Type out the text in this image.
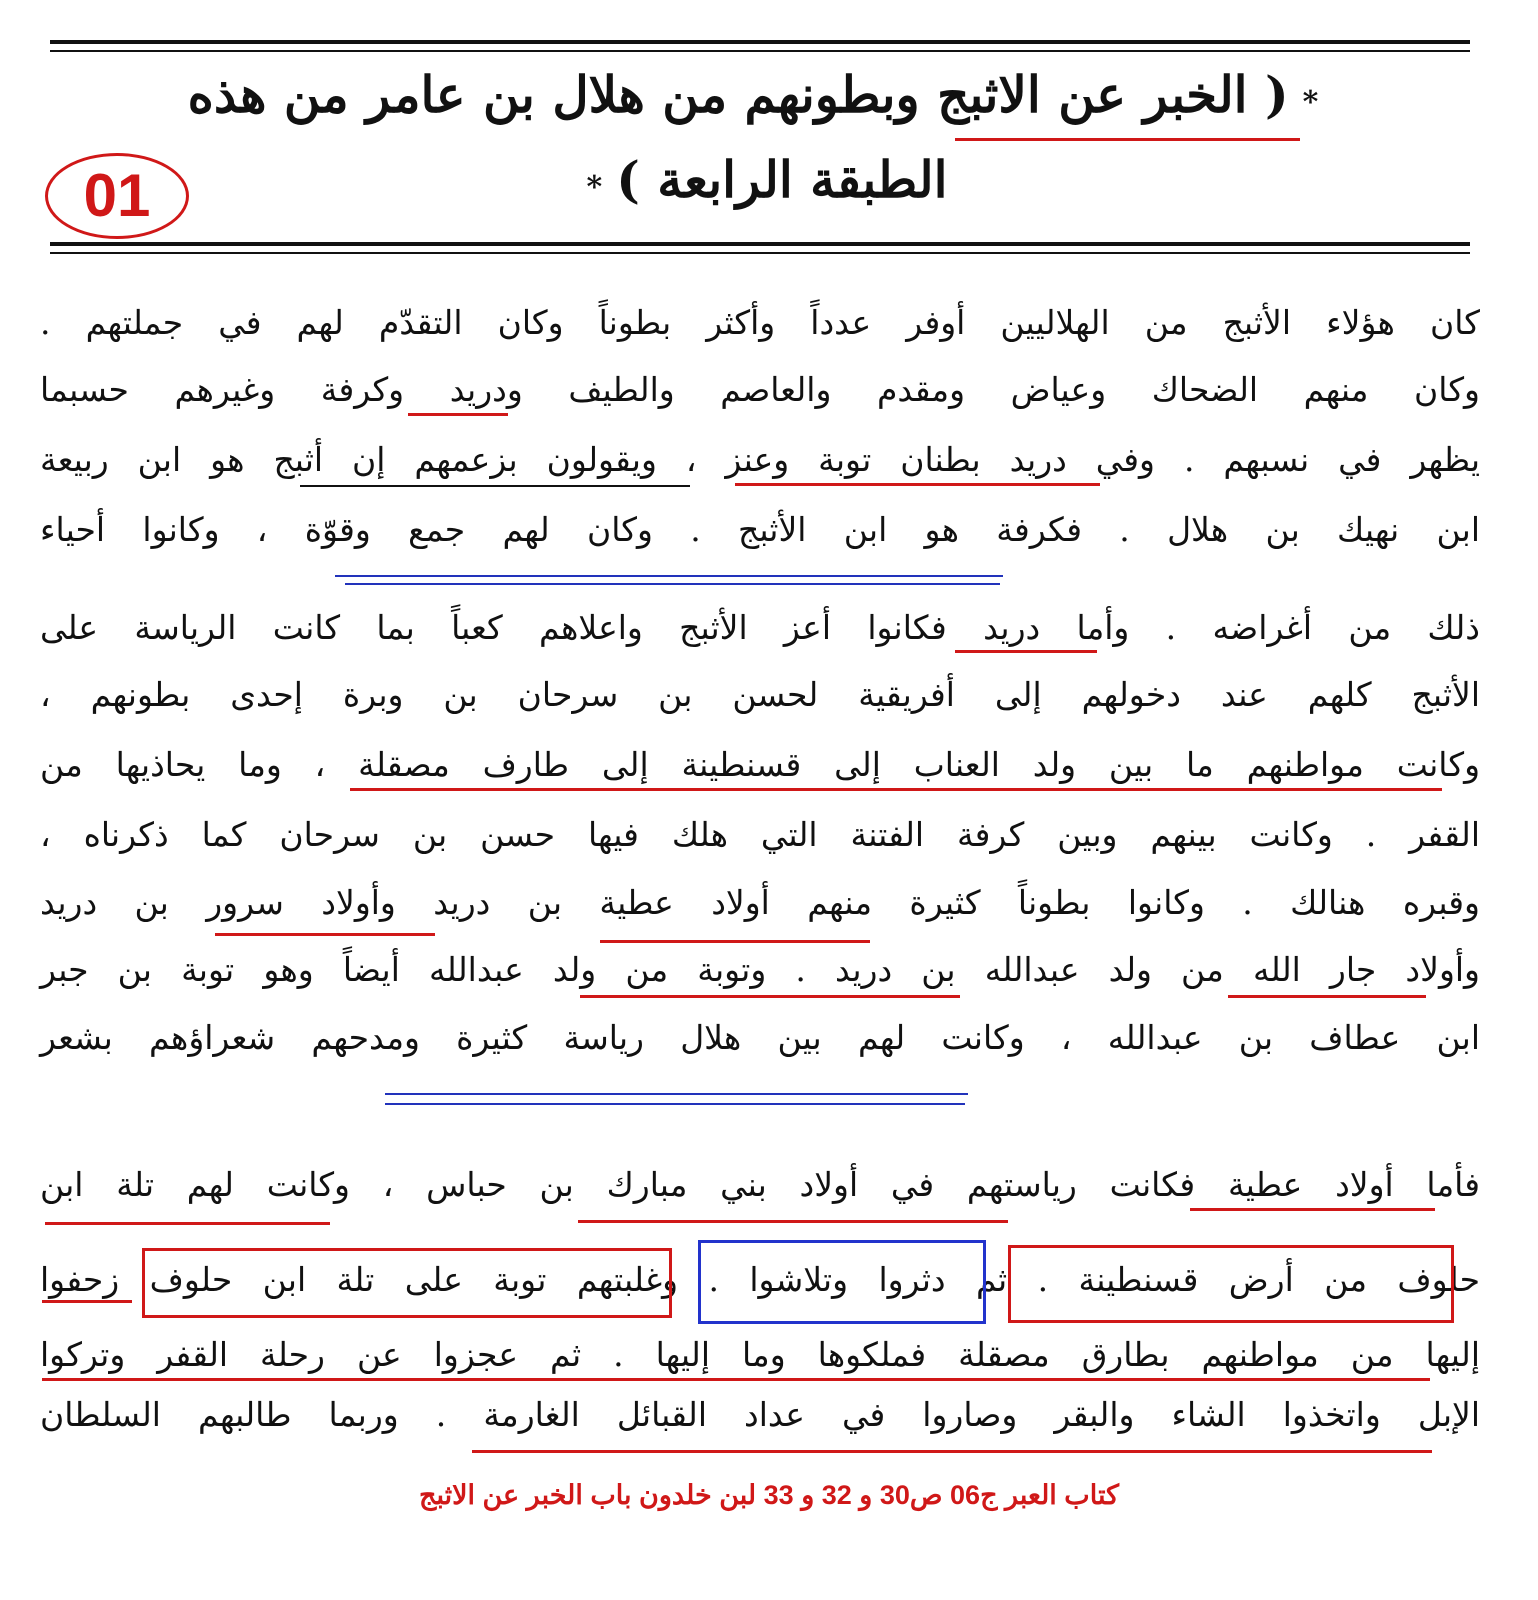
*( الخبر عن الاثبج وبطونهم من هلال بن عامر من هذه
الطبقة الرابعة )*
01
كان هؤلاء الأثبج من الهلاليين أوفر عدداً وأكثر بطوناً وكان التقدّم لهم في جملتهم .
وكان منهم الضحاك وعياض ومقدم والعاصم والطيف ودريد وكرفة وغيرهم حسبما
يظهر في نسبهم . وفي دريد بطنان توبة وعنز ، ويقولون بزعمهم إن أثبج هو ابن ربيعة
ابن نهيك بن هلال . فكرفة هو ابن الأثبج . وكان لهم جمع وقوّة ، وكانوا أحياء
ذلك من أغراضه . وأما دريد فكانوا أعز الأثبج واعلاهم كعباً بما كانت الرياسة على
الأثبج كلهم عند دخولهم إلى أفريقية لحسن بن سرحان بن وبرة إحدى بطونهم ،
وكانت مواطنهم ما بين ولد العناب إلى قسنطينة إلى طارف مصقلة ، وما يحاذيها من
القفر . وكانت بينهم وبين كرفة الفتنة التي هلك فيها حسن بن سرحان كما ذكرناه ،
وقبره هنالك . وكانوا بطوناً كثيرة منهم أولاد عطية بن دريد وأولاد سرور بن دريد
وأولاد جار الله من ولد عبدالله بن دريد . وتوبة من ولد عبدالله أيضاً وهو توبة بن جبر
ابن عطاف بن عبدالله ، وكانت لهم بين هلال رياسة كثيرة ومدحهم شعراؤهم بشعر
فأما أولاد عطية فكانت رياستهم في أولاد بني مبارك بن حباس ، وكانت لهم تلة ابن
حلوف من أرض قسنطينة . ثم دثروا وتلاشوا . وغلبتهم توبة على تلة ابن حلوف زحفوا
إليها من مواطنهم بطارق مصقلة فملكوها وما إليها . ثم عجزوا عن رحلة القفر وتركوا
الإبل واتخذوا الشاء والبقر وصاروا في عداد القبائل الغارمة . وربما طالبهم السلطان
كتاب العبر ج06 ص30 و 32 و 33 لبن خلدون باب الخبر عن الاثبج
